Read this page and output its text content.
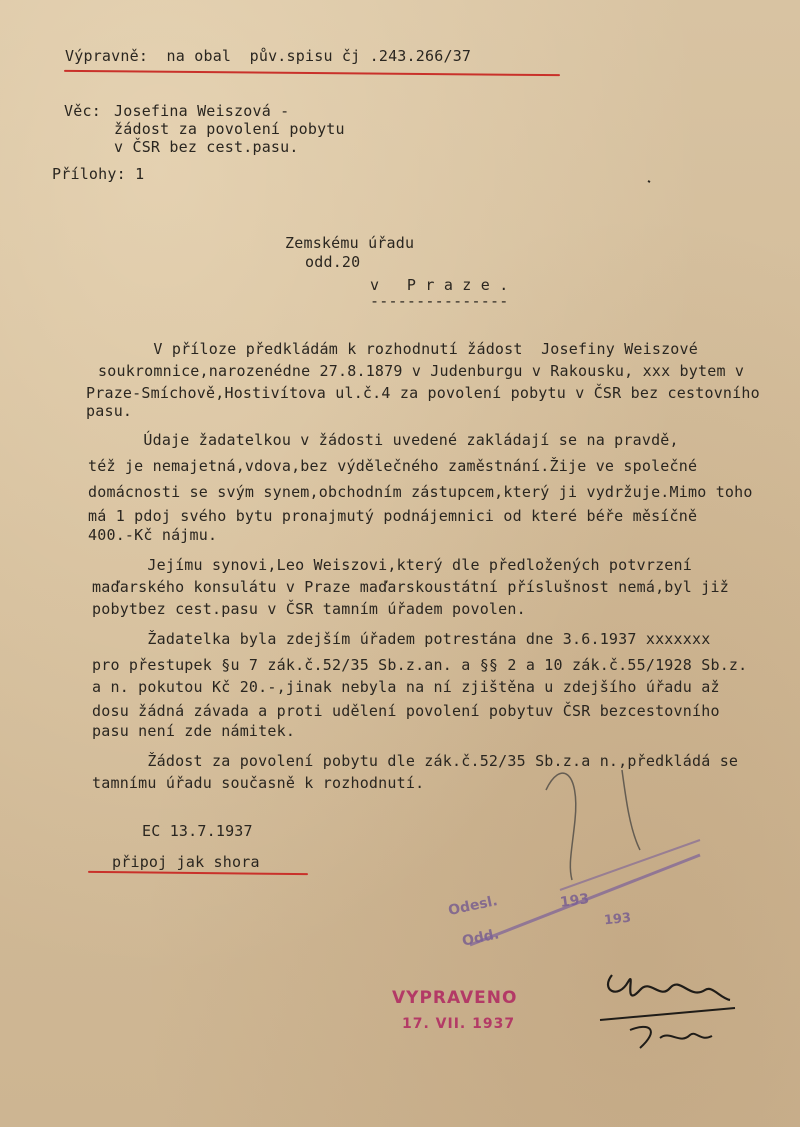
Výpravně:  na obal  pův.spisu čj .243.266/37
Věc: Josefina Weiszová -
žádost za povolení pobytu
v ČSR bez cest.pasu.
Přílohy: 1
Zemskému úřadu
odd.20
v   P r a z e .
---------------
V příloze předkládám k rozhodnutí žádost  Josefiny Weiszové
soukromnice,narozenédne 27.8.1879 v Judenburgu v Rakousku, xxx bytem v
Praze-Smíchově,Hostivítova ul.č.4 za povolení pobytu v ČSR bez cestovního
pasu.
Údaje žadatelkou v žádosti uvedené zakládají se na pravdě,
též je nemajetná,vdova,bez výdělečného zaměstnání.Žije ve společné
domácnosti se svým synem,obchodním zástupcem,který ji vydržuje.Mimo toho
má 1 pdoj svého bytu pronajmutý podnájemnici od které béře měsíčně
400.-Kč nájmu.
Jejímu synovi,Leo Weiszovi,který dle předložených potvrzení
maďarského konsulátu v Praze maďarskoustátní příslušnost nemá,byl již
pobytbez cest.pasu v ČSR tamním úřadem povolen.
Žadatelka byla zdejším úřadem potrestána dne 3.6.1937 xxxxxxx
pro přestupek §u 7 zák.č.52/35 Sb.z.an. a §§ 2 a 10 zák.č.55/1928 Sb.z.
a n. pokutou Kč 20.-,jinak nebyla na ní zjištěna u zdejšího úřadu až
dosu žádná závada a proti udělení povolení pobytuv ČSR bezcestovního
pasu není zde námitek.
Žádost za povolení pobytu dle zák.č.52/35 Sb.z.a n.,předkládá se
tamnímu úřadu současně k rozhodnutí.
EC 13.7.1937
připoj jak shora
Odesl.
Odd.
193
193
VYPRAVENO
17. VII. 1937
